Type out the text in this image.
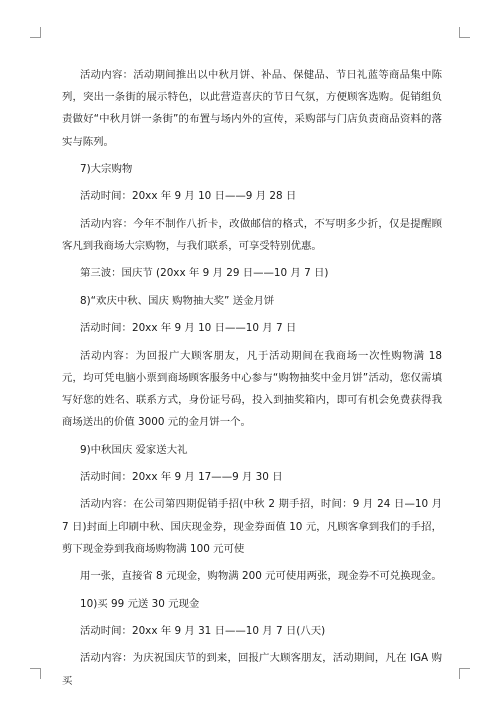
活动内容：活动期间推出以中秋月饼、补品、保健品、节日礼蓝等商品集中陈列，突出一条街的展示特色，以此营造喜庆的节日气氛，方便顾客选购。促销组负责做好“中秋月饼一条街”的布置与场内外的宣传，采购部与门店负责商品资料的落实与陈列。

7)大宗购物

活动时间：20xx 年 9 月 10 日——9 月 28 日

活动内容：今年不制作八折卡，改做邮信的格式，不写明多少折，仅是提醒顾客凡到我商场大宗购物，与我们联系，可享受特别优惠。

第三波：国庆节 (20xx 年 9 月 29 日——10 月 7 日)

8)“欢庆中秋、国庆 购物抽大奖” 送金月饼

活动时间：20xx 年 9 月 10 日——10 月 7 日

活动内容：为回报广大顾客朋友，凡于活动期间在我商场一次性购物满 18 元，均可凭电脑小票到商场顾客服务中心参与“购物抽奖中金月饼”活动，您仅需填写好您的姓名、联系方式，身份证号码，投入到抽奖箱内，即可有机会免费获得我商场送出的价值 3000 元的金月饼一个。

9)中秋国庆 爱家送大礼

活动时间：20xx 年 9 月 17——9 月 30 日

活动内容：在公司第四期促销手招(中秋 2 期手招，时间：9 月 24 日—10 月 7 日)封面上印刷中秋、国庆现金券，现金券面值 10 元，凡顾客拿到我们的手招，剪下现金券到我商场购物满 100 元可使

用一张，直接省 8 元现金，购物满 200 元可使用两张，现金券不可兑换现金。

10)买 99 元送 30 元现金

活动时间：20xx 年 9 月 31 日——10 月 7 日(八天)

活动内容：为庆祝国庆节的到来，回报广大顾客朋友，活动期间，凡在 IGA 购买
